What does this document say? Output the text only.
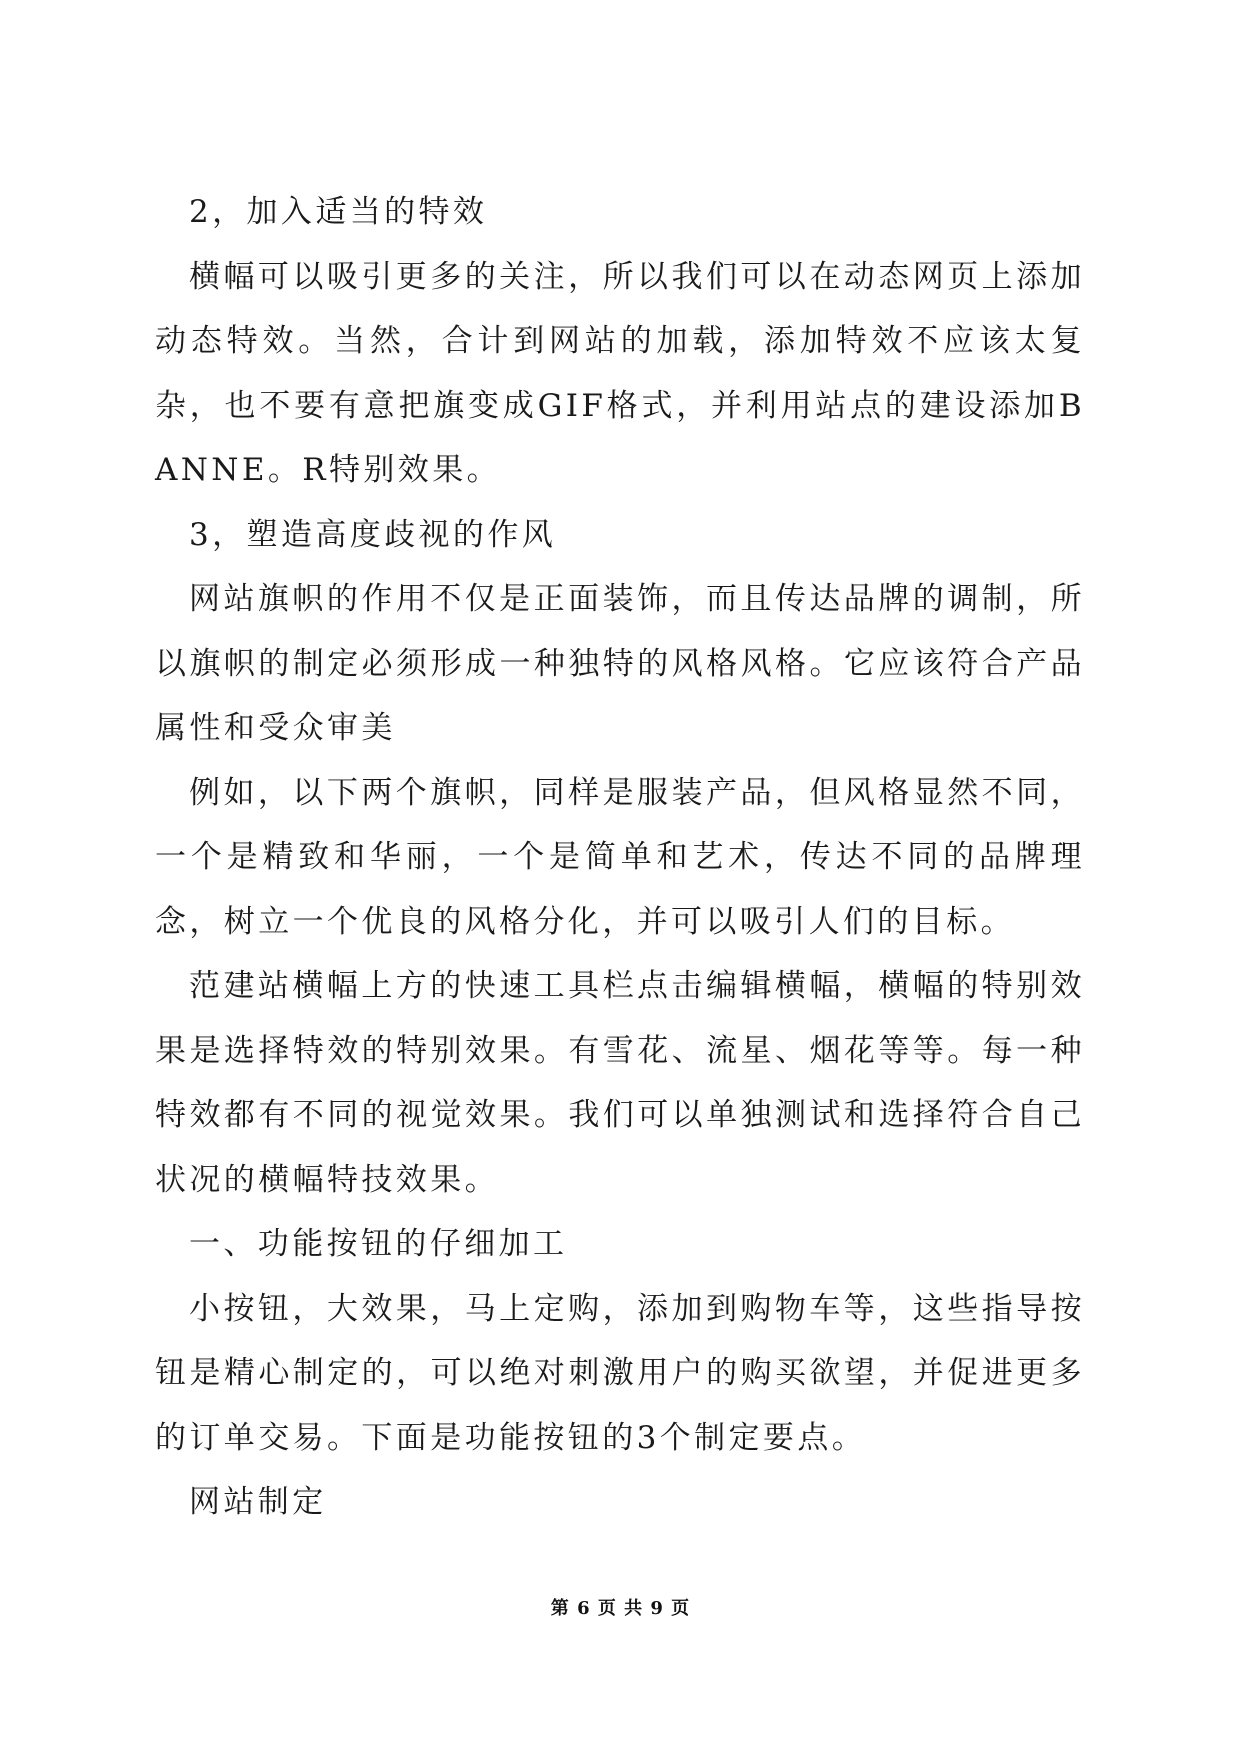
2，加入适当的特效

横幅可以吸引更多的关注，所以我们可以在动态网页上添加动态特效。当然，合计到网站的加载，添加特效不应该太复杂，也不要有意把旗变成GIF格式，并利用站点的建设添加BANNE。R特别效果。

3，塑造高度歧视的作风

网站旗帜的作用不仅是正面装饰，而且传达品牌的调制，所以旗帜的制定必须形成一种独特的风格风格。它应该符合产品属性和受众审美

例如，以下两个旗帜，同样是服装产品，但风格显然不同，一个是精致和华丽，一个是简单和艺术，传达不同的品牌理念，树立一个优良的风格分化，并可以吸引人们的目标。

范建站横幅上方的快速工具栏点击编辑横幅，横幅的特别效果是选择特效的特别效果。有雪花、流星、烟花等等。每一种特效都有不同的视觉效果。我们可以单独测试和选择符合自己状况的横幅特技效果。

一、功能按钮的仔细加工

小按钮，大效果，马上定购，添加到购物车等，这些指导按钮是精心制定的，可以绝对刺激用户的购买欲望，并促进更多的订单交易。下面是功能按钮的3个制定要点。

网站制定

第 6 页 共 9 页
